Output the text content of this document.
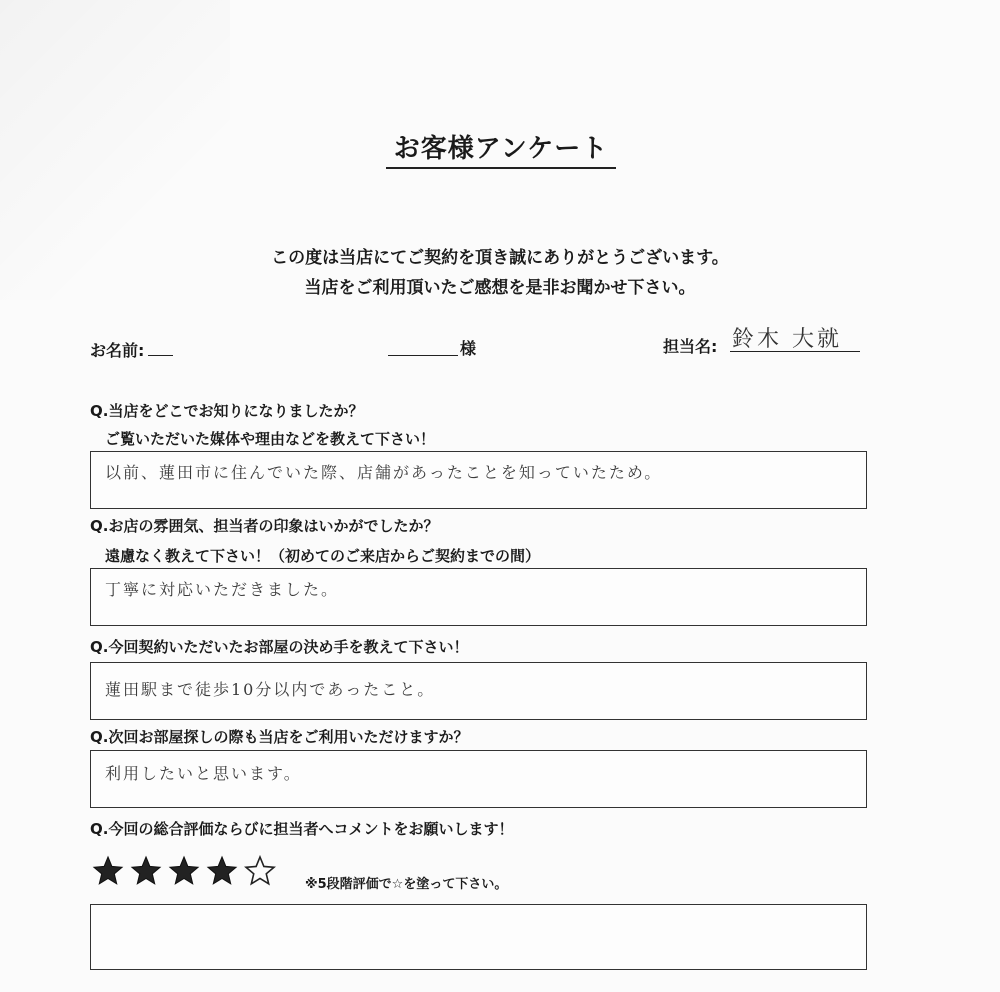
お客様アンケート
この度は当店にてご契約を頂き誠にありがとうございます。
当店をご利用頂いたご感想を是非お聞かせ下さい。
お名前:	様	担当名: 鈴木 大就
Q.当店をどこでお知りになりましたか？
ご覧いただいた媒体や理由などを教えて下さい！
以前、蓮田市に住んでいた際、店舗があったことを知っていたため。
Q.お店の雰囲気、担当者の印象はいかがでしたか？
遠慮なく教えて下さい！（初めてのご来店からご契約までの間）
丁寧に対応いただきました。
Q.今回契約いただいたお部屋の決め手を教えて下さい！
蓮田駅まで徒歩10分以内であったこと。
Q.次回お部屋探しの際も当店をご利用いただけますか？
利用したいと思います。
Q.今回の総合評価ならびに担当者へコメントをお願いします！
※5段階評価で☆を塗って下さい。
